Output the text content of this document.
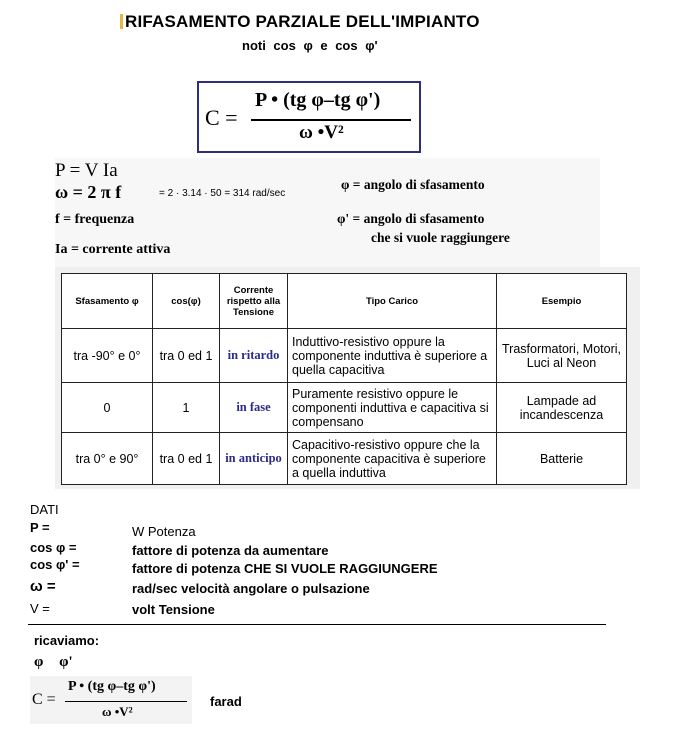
RIFASAMENTO PARZIALE DELL'IMPIANTO
noti cos φ e cos φ'
C =
P • (tg φ–tg φ')
ω •V²
P = V Ia
ω = 2 π f	= 2 · 3.14 · 50 = 314 rad/sec
f = frequenza
Ia = corrente attiva
φ = angolo di sfasamento
φ' = angolo di sfasamento
che si vuole raggiungere
Sfasamento φ	cos(φ)	Corrente rispetto alla Tensione	Tipo Carico	Esempio
tra -90° e 0°	tra 0 ed 1	in ritardo	Induttivo-resistivo oppure la componente induttiva è superiore a quella capacitiva	Trasformatori, Motori, Luci al Neon
0	1	in fase	Puramente resistivo oppure le componenti induttiva e capacitiva si compensano	Lampade ad incandescenza
tra 0° e 90°	tra 0 ed 1	in anticipo	Capacitivo-resistivo oppure che la componente capacitiva è superiore a quella induttiva	Batterie
DATI
P =	W Potenza
cos φ =	fattore di potenza da aumentare
cos φ' =	fattore di potenza CHE SI VUOLE RAGGIUNGERE
ω =	rad/sec velocità angolare o pulsazione
V =	volt Tensione
ricaviamo:
φ φ'
C =
P • (tg φ–tg φ')
ω •V²
farad
